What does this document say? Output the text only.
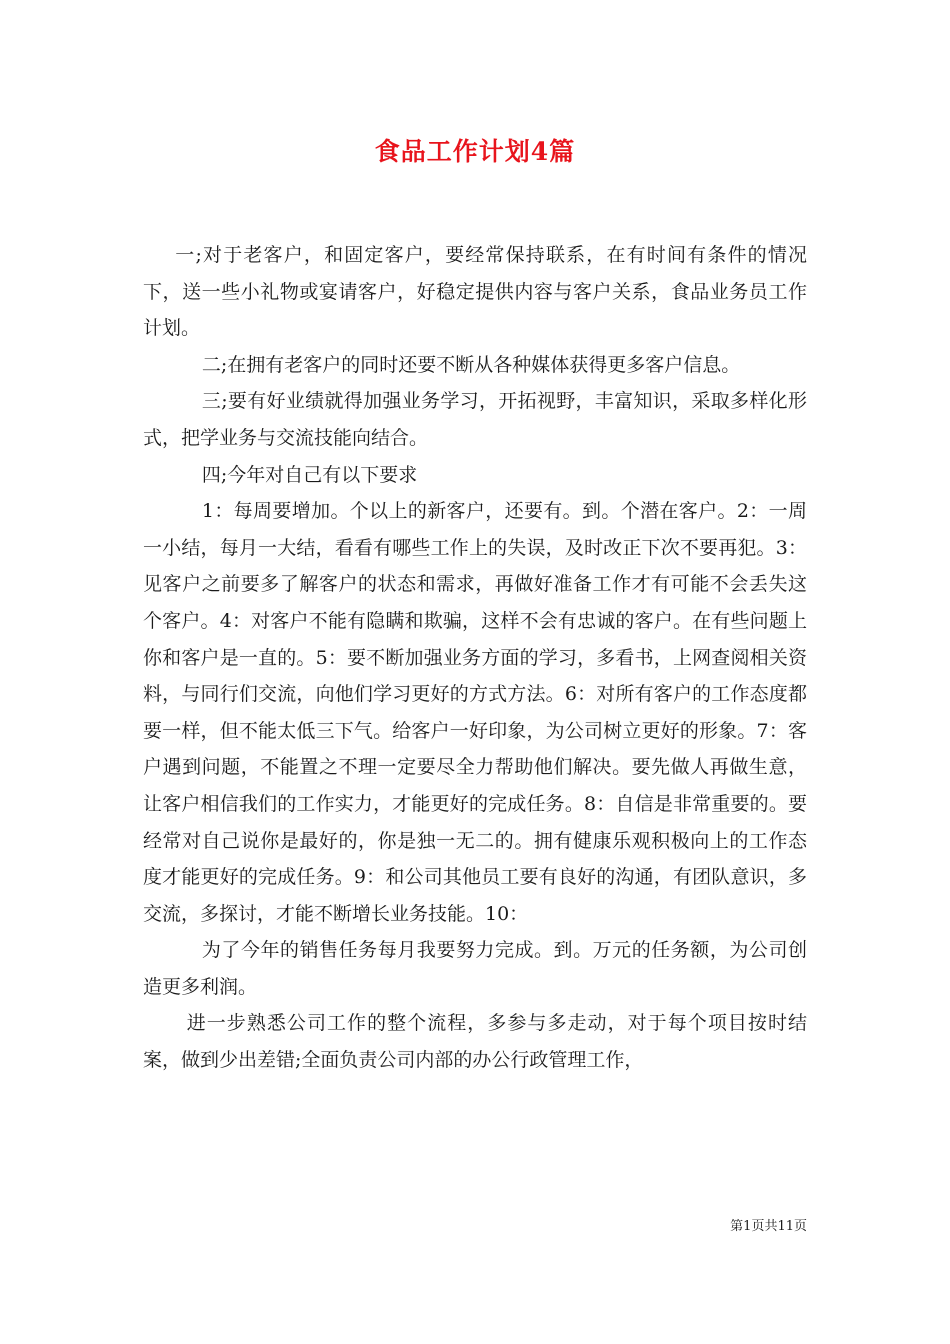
食品工作计划4篇

一;对于老客户，和固定客户，要经常保持联系，在有时间有条件的情况下，送一些小礼物或宴请客户，好稳定提供内容与客户关系，食品业务员工作计划。

二;在拥有老客户的同时还要不断从各种媒体获得更多客户信息。

三;要有好业绩就得加强业务学习，开拓视野，丰富知识，采取多样化形式，把学业务与交流技能向结合。

四;今年对自己有以下要求

1：每周要增加。个以上的新客户，还要有。到。个潜在客户。2：一周一小结，每月一大结，看看有哪些工作上的失误，及时改正下次不要再犯。3：见客户之前要多了解客户的状态和需求，再做好准备工作才有可能不会丢失这个客户。4：对客户不能有隐瞒和欺骗，这样不会有忠诚的客户。在有些问题上你和客户是一直的。5：要不断加强业务方面的学习，多看书，上网查阅相关资料，与同行们交流，向他们学习更好的方式方法。6：对所有客户的工作态度都要一样，但不能太低三下气。给客户一好印象，为公司树立更好的形象。7：客户遇到问题，不能置之不理一定要尽全力帮助他们解决。要先做人再做生意，让客户相信我们的工作实力，才能更好的完成任务。8：自信是非常重要的。要经常对自己说你是最好的，你是独一无二的。拥有健康乐观积极向上的工作态度才能更好的完成任务。9：和公司其他员工要有良好的沟通，有团队意识，多交流，多探讨，才能不断增长业务技能。10：

为了今年的销售任务每月我要努力完成。到。万元的任务额，为公司创造更多利润。

进一步熟悉公司工作的整个流程，多参与多走动，对于每个项目按时结案，做到少出差错;全面负责公司内部的办公行政管理工作，

第1页共11页
